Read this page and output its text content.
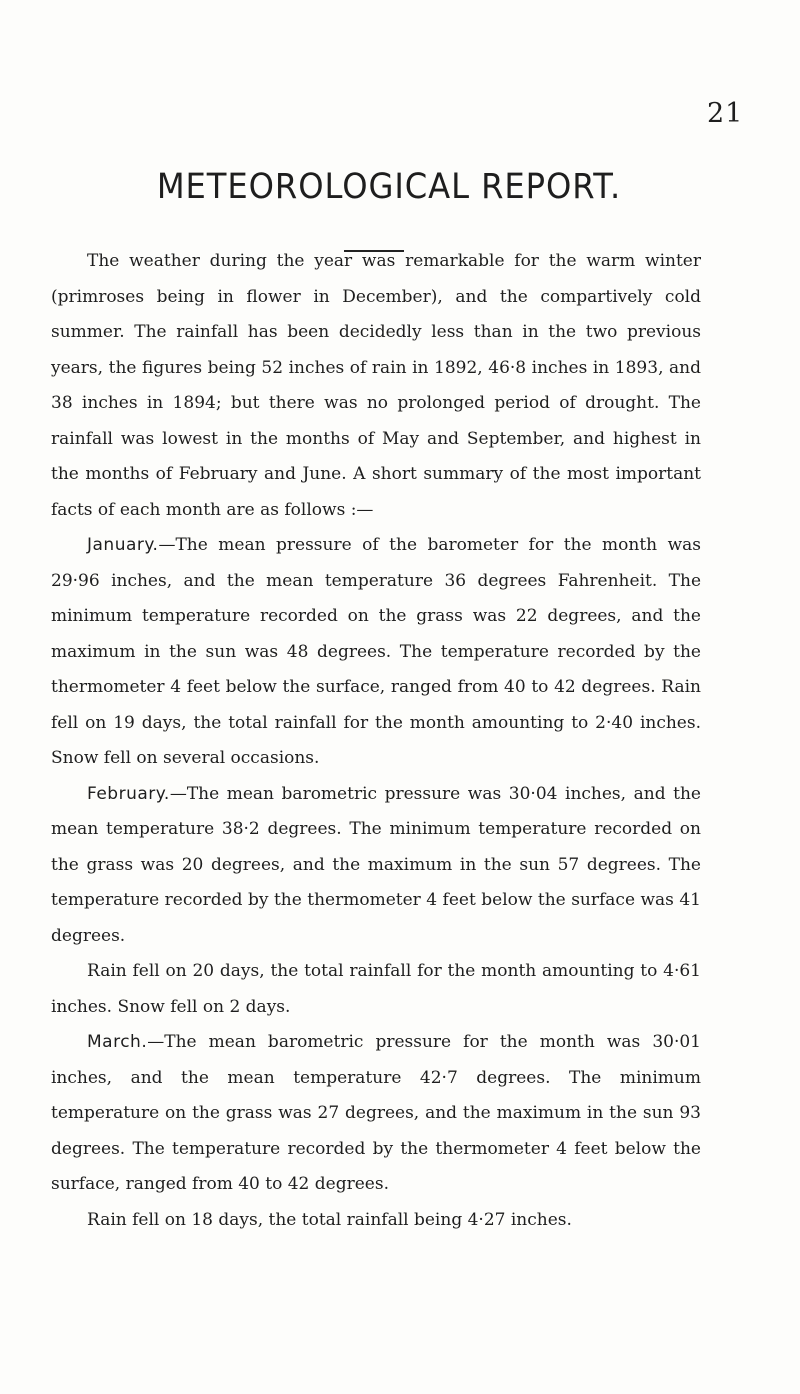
21
METEOROLOGICAL REPORT.

The weather during the year was remarkable for the warm winter (primroses being in flower in December), and the compartively cold summer. The rainfall has been decidedly less than in the two previous years, the figures being 52 inches of rain in 1892, 46·8 inches in 1893, and 38 inches in 1894; but there was no prolonged period of drought. The rainfall was lowest in the months of May and September, and highest in the months of February and June. A short summary of the most important facts of each month are as follows :—

January.—The mean pressure of the barometer for the month was 29·96 inches, and the mean temperature 36 degrees Fahrenheit. The minimum temperature recorded on the grass was 22 degrees, and the maximum in the sun was 48 degrees. The temperature recorded by the thermometer 4 feet below the surface, ranged from 40 to 42 degrees. Rain fell on 19 days, the total rainfall for the month amounting to 2·40 inches. Snow fell on several occasions.

February.—The mean barometric pressure was 30·04 inches, and the mean temperature 38·2 degrees. The minimum temperature recorded on the grass was 20 degrees, and the maximum in the sun 57 degrees. The temperature recorded by the thermometer 4 feet below the surface was 41 degrees.

Rain fell on 20 days, the total rainfall for the month amounting to 4·61 inches. Snow fell on 2 days.

March.—The mean barometric pressure for the month was 30·01 inches, and the mean temperature 42·7 degrees. The minimum temperature on the grass was 27 degrees, and the maximum in the sun 93 degrees. The temperature recorded by the thermometer 4 feet below the surface, ranged from 40 to 42 degrees.

Rain fell on 18 days, the total rainfall being 4·27 inches.
